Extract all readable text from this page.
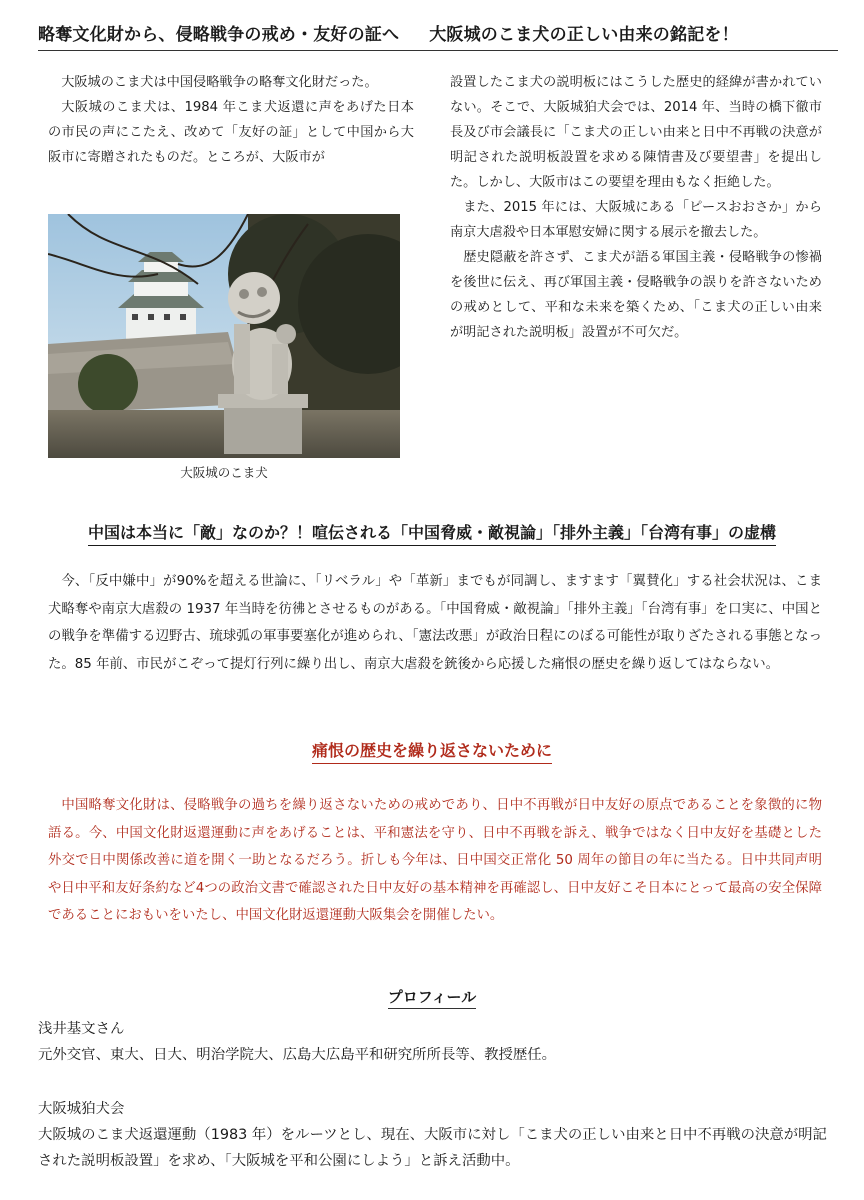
略奪文化財から、侵略戦争の戒め・友好の証へ 大阪城のこま犬の正しい由来の銘記を！

大阪城のこま犬は中国侵略戦争の略奪文化財だった。

大阪城のこま犬は、1984 年こま犬返還に声をあげた日本の市民の声にこたえ、改めて「友好の証」として中国から大阪市に寄贈されたものだ。ところが、大阪市が

大阪城のこま犬

設置したこま犬の説明板にはこうした歴史的経緯が書かれていない。そこで、大阪城狛犬会では、2014 年、当時の橋下徹市長及び市会議長に「こま犬の正しい由来と日中不再戦の決意が明記された説明板設置を求める陳情書及び要望書」を提出した。しかし、大阪市はこの要望を理由もなく拒絶した。

また、2015 年には、大阪城にある「ピースおおさか」から南京大虐殺や日本軍慰安婦に関する展示を撤去した。

歴史隠蔽を許さず、こま犬が語る軍国主義・侵略戦争の惨禍を後世に伝え、再び軍国主義・侵略戦争の誤りを許さないための戒めとして、平和な未来を築くため、「こま犬の正しい由来が明記された説明板」設置が不可欠だ。

中国は本当に「敵」なのか？！喧伝される「中国脅威・敵視論」「排外主義」「台湾有事」の虚構

今、「反中嫌中」が90%を超える世論に、「リベラル」や「革新」までもが同調し、ますます「翼賛化」する社会状況は、こま犬略奪や南京大虐殺の 1937 年当時を彷彿とさせるものがある。「中国脅威・敵視論」「排外主義」「台湾有事」を口実に、中国との戦争を準備する辺野古、琉球弧の軍事要塞化が進められ、「憲法改悪」が政治日程にのぼる可能性が取りざたされる事態となった。85 年前、市民がこぞって提灯行列に繰り出し、南京大虐殺を銃後から応援した痛恨の歴史を繰り返してはならない。

痛恨の歴史を繰り返さないために

中国略奪文化財は、侵略戦争の過ちを繰り返さないための戒めであり、日中不再戦が日中友好の原点であることを象徴的に物語る。今、中国文化財返還運動に声をあげることは、平和憲法を守り、日中不再戦を訴え、戦争ではなく日中友好を基礎とした外交で日中関係改善に道を開く一助となるだろう。折しも今年は、日中国交正常化 50 周年の節目の年に当たる。日中共同声明や日中平和友好条約など4つの政治文書で確認された日中友好の基本精神を再確認し、日中友好こそ日本にとって最高の安全保障であることにおもいをいたし、中国文化財返還運動大阪集会を開催したい。

プロフィール

浅井基文さん

元外交官、東大、日大、明治学院大、広島大広島平和研究所所長等、教授歴任。

大阪城狛犬会

大阪城のこま犬返還運動（1983 年）をルーツとし、現在、大阪市に対し「こま犬の正しい由来と日中不再戦の決意が明記された説明板設置」を求め、「大阪城を平和公園にしよう」と訴え活動中。
